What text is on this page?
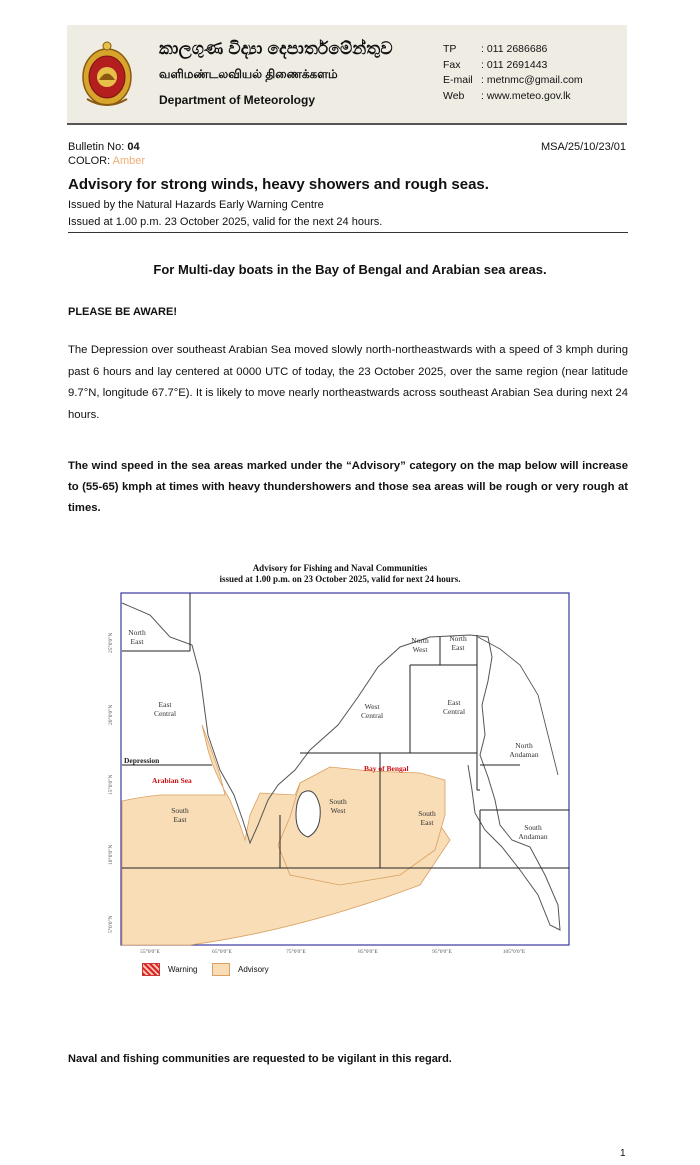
කාලගුණ විද්‍යා දෙපාර්තමේන්තුව
வளிமண்டலவியல் திணைக்களம்
Department of Meteorology
TP	: 011 2686686
Fax	: 011 2691443
E-mail : metnmc@gmail.com
Web	: www.meteo.gov.lk
Bulletin No: 04
COLOR: Amber
MSA/25/10/23/01
Advisory for strong winds, heavy showers and rough seas.
Issued by the Natural Hazards Early Warning Centre
Issued at 1.00 p.m. 23 October 2025, valid for the next 24 hours.
For Multi-day boats in the Bay of Bengal and Arabian sea areas.
PLEASE BE AWARE!
The Depression over southeast Arabian Sea moved slowly north-northeastwards with a speed of 3 kmph during past 6 hours and lay centered at 0000 UTC of today, the 23 October 2025, over the same region (near latitude 9.7°N, longitude 67.7°E). It is likely to move nearly northeastwards across southeast Arabian Sea during next 24 hours.
The wind speed in the sea areas marked under the “Advisory” category on the map below will increase to (55-65) kmph at times with heavy thundershowers and those sea areas will be rough or very rough at times.
Advisory for Fishing and Naval Communities
issued at 1.00 p.m. on 23 October 2025, valid for next 24 hours.
North East
East Central
South East
North West
North East
West Central
East Central
South West	South East
North Andaman
South Andaman
Depression
Arabian Sea
Bay of Bengal
25°0'0"N
20°0'0"N
15°0'0"N
10°0'0"N
5°0'0"N
55°0'0"E	65°0'0"E	75°0'0"E	85°0'0"E	95°0'0"E	105°0'0"E
Warning	Advisory
Naval and fishing communities are requested to be vigilant in this regard.
1
